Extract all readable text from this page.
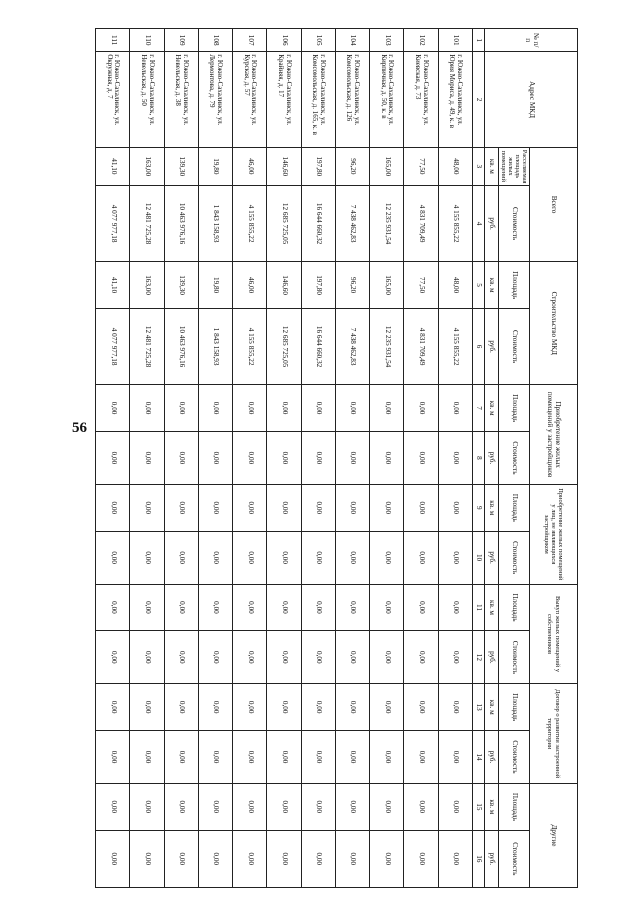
56
№ п/п	Адрес МКД	Всего		Строительство МКД		Приобретение жилых помещений у застройщиков		Приобретение жилых помещений у лиц, не являющихся застройщиком		Выкуп жилых помещений у собственников		Договор о развитии застроенной территории		Другие	
		Расселяемая площадь жилых помещений	Стоимость	Площадь	Стоимость	Площадь	Стоимость	Площадь	Стоимость	Площадь	Стоимость	Площадь	Стоимость	Площадь	Стоимость
		кв. м	руб.	кв. м	руб.	кв. м	руб.	кв. м	руб.	кв. м	руб.	кв. м	руб.	кв. м	руб.
1	2	3	4	5	6	7	8	9	10	11	12	13	14	15	16
101	г. Южно-Сахалинск, ул. Юрия Мориса, д. 49, к. в	48,00	4 155 855,22	48,00	4 155 855,22	0,00	0,00	0,00	0,00	0,00	0,00	0,00	0,00	0,00	0,00
102	г. Южно-Сахалинск, ул. Киевская, д. 73	77,50	4 831 709,49	77,50	4 831 709,49	0,00	0,00	0,00	0,00	0,00	0,00	0,00	0,00	0,00	0,00
103	г. Южно-Сахалинск, ул. Кирпичная, д. 50, к. в	165,00	12 235 931,54	165,00	12 235 931,54	0,00	0,00	0,00	0,00	0,00	0,00	0,00	0,00	0,00	0,00
104	г. Южно-Сахалинск, ул. Комсомольская, д. 126	96,20	7 438 462,83	96,20	7 438 462,83	0,00	0,00	0,00	0,00	0,00	0,00	0,00	0,00	0,00	0,00
105	г. Южно-Сахалинск, ул. Комсомольская, д. 165, к. в	197,80	16 644 660,32	197,80	16 644 660,32	0,00	0,00	0,00	0,00	0,00	0,00	0,00	0,00	0,00	0,00
106	г. Южно-Сахалинск, ул. Крайняя, д. 17	146,60	12 685 725,05	146,60	12 685 725,05	0,00	0,00	0,00	0,00	0,00	0,00	0,00	0,00	0,00	0,00
107	г. Южно-Сахалинск, ул. Курская, д. 57	46,00	4 155 855,22	46,00	4 155 855,22	0,00	0,00	0,00	0,00	0,00	0,00	0,00	0,00	0,00	0,00
108	г. Южно-Сахалинск, ул. Лермонтова, д. 79	19,80	1 843 158,93	19,80	1 843 158,93	0,00	0,00	0,00	0,00	0,00	0,00	0,00	0,00	0,00	0,00
109	г. Южно-Сахалинск, ул. Невельская, д. 38	139,30	10 463 976,16	139,30	10 463 976,16	0,00	0,00	0,00	0,00	0,00	0,00	0,00	0,00	0,00	0,00
110	г. Южно-Сахалинск, ул. Невельская, д. 50	163,00	12 481 725,28	163,00	12 481 725,28	0,00	0,00	0,00	0,00	0,00	0,00	0,00	0,00	0,00	0,00
111	г. Южно-Сахалинск, ул. Окружная, д. 7	41,10	4 077 977,18	41,10	4 077 977,18	0,00	0,00	0,00	0,00	0,00	0,00	0,00	0,00	0,00	0,00
